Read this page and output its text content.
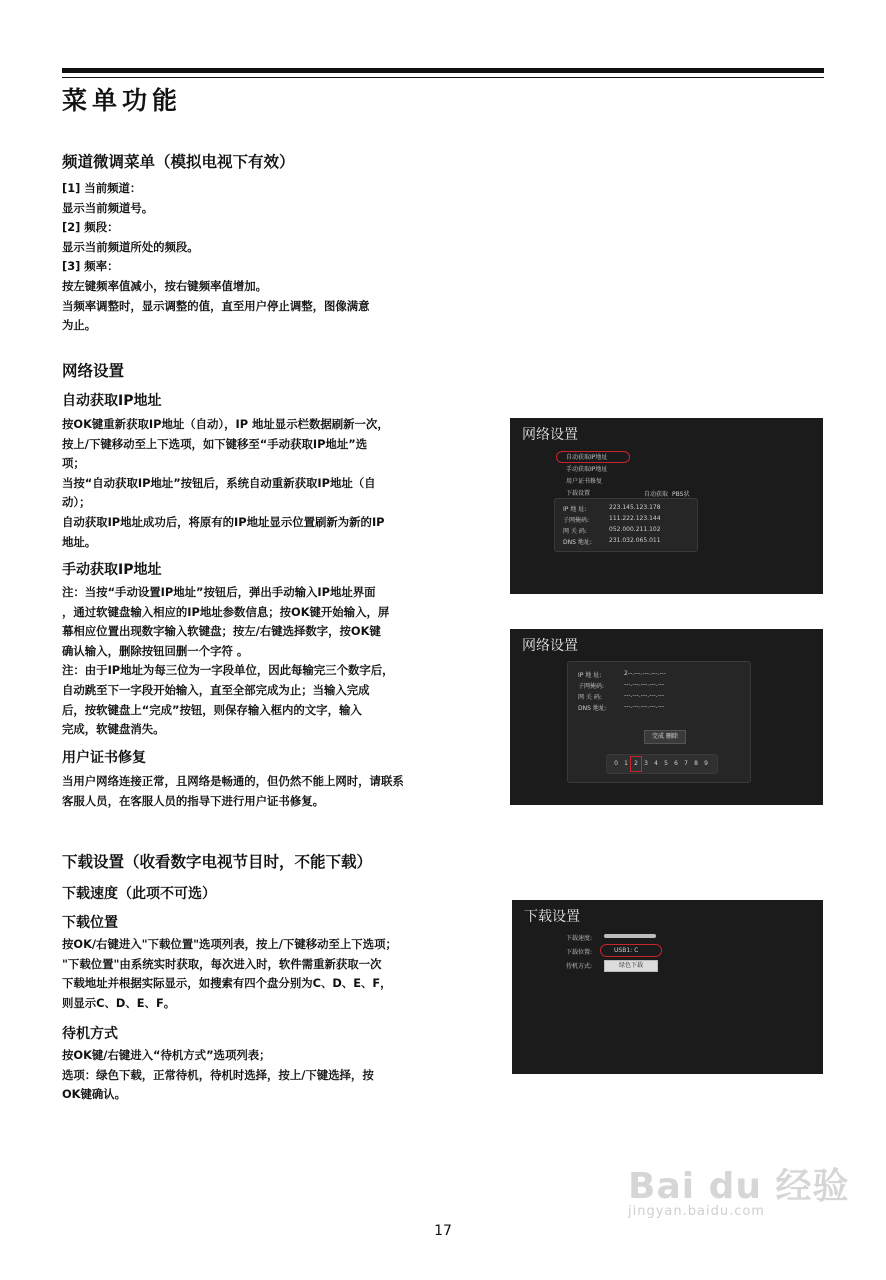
菜单功能
频道微调菜单（模拟电视下有效）
[1] 当前频道：
显示当前频道号。
[2] 频段：
显示当前频道所处的频段。
[3] 频率：
按左键频率值减小，按右键频率值增加。
当频率调整时，显示调整的值，直至用户停止调整，图像满意
为止。
网络设置
自动获取IP地址
按OK键重新获取IP地址（自动），IP 地址显示栏数据刷新一次，
按上/下键移动至上下选项，如下键移至“手动获取IP地址”选
项；
当按“自动获取IP地址”按钮后，系统自动重新获取IP地址（自
动）；
自动获取IP地址成功后，将原有的IP地址显示位置刷新为新的IP
地址。
手动获取IP地址
注：当按“手动设置IP地址”按钮后，弹出手动输入IP地址界面
，通过软键盘输入相应的IP地址参数信息；按OK键开始输入，屏
幕相应位置出现数字输入软键盘；按左/右键选择数字，按OK键
确认输入，删除按钮回删一个字符 。
注：由于IP地址为每三位为一字段单位，因此每输完三个数字后，
自动跳至下一字段开始输入，直至全部完成为止；当输入完成
后，按软键盘上“完成”按钮，则保存输入框内的文字，输入
完成，软键盘消失。
用户证书修复
当用户网络连接正常，且网络是畅通的，但仍然不能上网时，请联系
客服人员，在客服人员的指导下进行用户证书修复。
下载设置（收看数字电视节目时，不能下载）
下载速度（此项不可选）
下载位置
按OK/右键进入"下载位置"选项列表，按上/下键移动至上下选项；
"下载位置"由系统实时获取，每次进入时，软件需重新获取一次
下载地址并根据实际显示，如搜索有四个盘分别为C、D、E、F，
则显示C、D、E、F。
待机方式
按OK键/右键进入“待机方式”选项列表；
选项：绿色下载，正常待机，待机时选择，按上/下键选择，按
OK键确认。
网络设置
自动获取IP地址
手动获取IP地址
用户证书修复
下载设置	自动获取 PBS状
IP 地 址:	223.145.123.178
子网掩码:	111.222.123.144
网 关 码:	052.000.211.102
DNS 地址:	231.032.065.011
网络设置
IP 地 址:	2--.---.---.---.---
子网掩码:	---.---.---.---.---
网 关 码:	---.---.---.---.---
DNS 地址:	---.---.---.---.---
完成 删除
0	1	2	3	4	5	6	7	8	9
下载设置
下载速度:
下载位置:	USB1: C
待机方式:	绿色下载
17
Bai du 经验
jingyan.baidu.com
